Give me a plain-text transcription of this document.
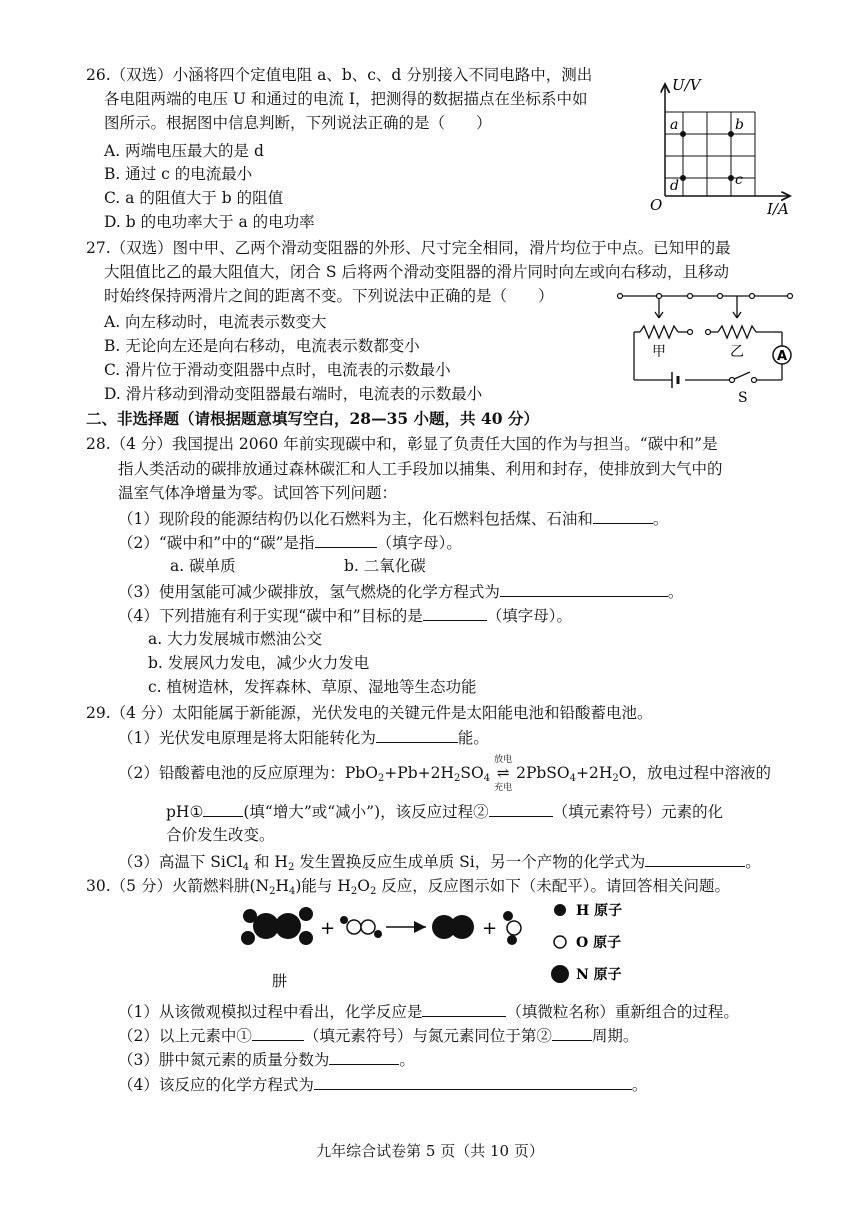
26.（双选）小涵将四个定值电阻 a、b、c、d 分别接入不同电路中，测出
各电阻两端的电压 U 和通过的电流 I，把测得的数据描点在坐标系中如
图所示。根据图中信息判断，下列说法正确的是（　　）
A. 两端电压最大的是 d
B. 通过 c 的电流最小
C. a 的阻值大于 b 的阻值
D. b 的电功率大于 a 的电功率
U/V
I/A
O
a	b
c
d
27.（双选）图中甲、乙两个滑动变阻器的外形、尺寸完全相同，滑片均位于中点。已知甲的最
大阻值比乙的最大阻值大，闭合 S 后将两个滑动变阻器的滑片同时向左或向右移动，且移动
时始终保持两滑片之间的距离不变。下列说法中正确的是（　　）
A. 向左移动时，电流表示数变大
B. 无论向左还是向右移动，电流表示数都变小
C. 滑片位于滑动变阻器中点时，电流表的示数最小
D. 滑片移动到滑动变阻器最右端时，电流表的示数最小
A
甲	乙
S
二、非选择题（请根据题意填写空白，28—35 小题，共 40 分）
28.（4 分）我国提出 2060 年前实现碳中和，彰显了负责任大国的作为与担当。“碳中和”是
指人类活动的碳排放通过森林碳汇和人工手段加以捕集、利用和封存，使排放到大气中的
温室气体净增量为零。试回答下列问题：
（1）现阶段的能源结构仍以化石燃料为主，化石燃料包括煤、石油和	。
（2）“碳中和”中的“碳”是指	（填字母）。
a. 碳单质	b. 二氧化碳
（3）使用氢能可减少碳排放，氢气燃烧的化学方程式为	。
（4）下列措施有利于实现“碳中和”目标的是	（填字母）。
a. 大力发展城市燃油公交
b. 发展风力发电，减少火力发电
c. 植树造林，发挥森林、草原、湿地等生态功能
29.（4 分）太阳能属于新能源，光伏发电的关键元件是太阳能电池和铅酸蓄电池。
（1）光伏发电原理是将太阳能转化为	能。
（2）铅酸蓄电池的反应原理为：$PbO_2+Pb+2H_2SO_4$
放电
⇌
充电
$2PbSO_4+2H_2O$，放电过程中溶液的
pH①	(填“增大”或“减小”)，该反应过程②	（填元素符号）元素的化
合价发生改变。
（3）高温下 SiCl$_4$ 和 $H_2$ 发生置换反应生成单质 Si，另一个产物的化学式为	。
30.（5 分）火箭燃料肼$(N_2H_4)$能与 $H_2O_2$ 反应，反应图示如下（未配平）。请回答相关问题。
+	+
肼
H 原子
O 原子
N 原子
（1）从该微观模拟过程中看出，化学反应是	（填微粒名称）重新组合的过程。
（2）以上元素中①	（填元素符号）与氮元素同位于第②	周期。
（3）肼中氮元素的质量分数为	。
（4）该反应的化学方程式为	。
九年综合试卷第 5 页（共 10 页）
